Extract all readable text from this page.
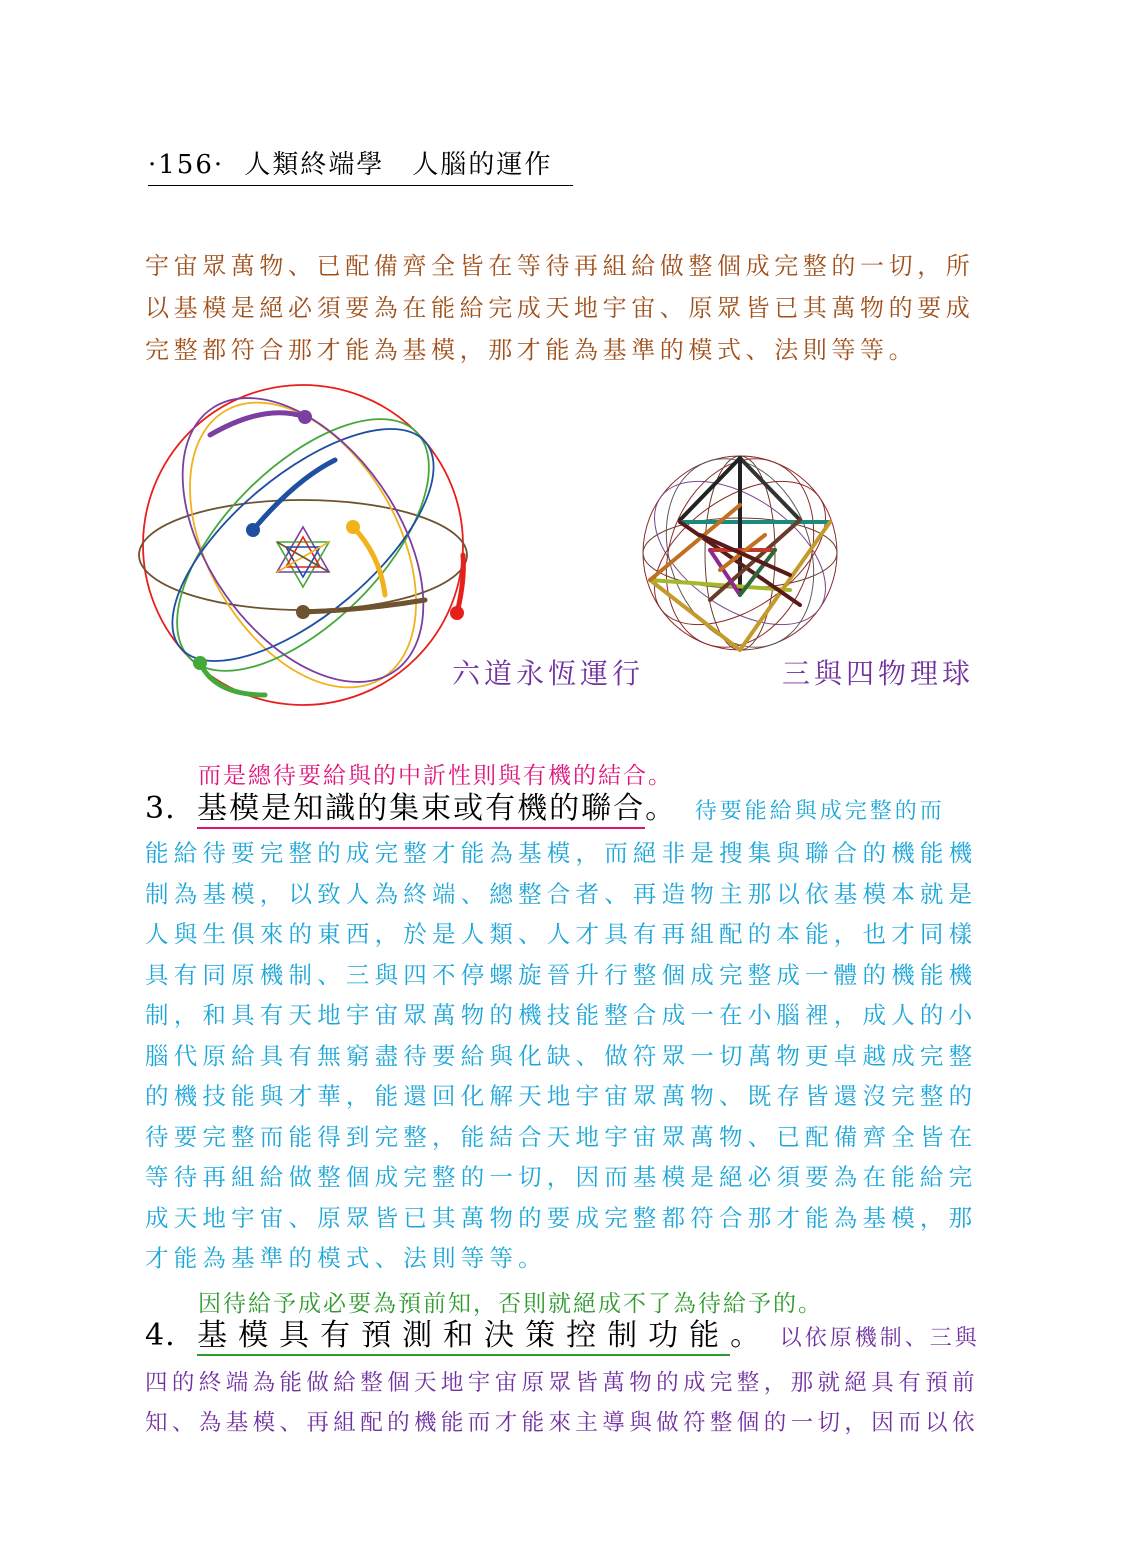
·156· 人類終端學　人腦的運作

宇宙眾萬物、已配備齊全皆在等待再組給做整個成完整的一切，所以基模是絕必須要為在能給完成天地宇宙、原眾皆已其萬物的要成完整都符合那才能為基模，那才能為基準的模式、法則等等。

六道永恆運行	三與四物理球
而是總待要給與的中訢性則與有機的結合。
3. 基模是知識的集束或有機的聯合。 待要能給與成完整的而

能給待要完整的成完整才能為基模，而絕非是搜集與聯合的機能機制為基模，以致人為終端、總整合者、再造物主那以依基模本就是人與生俱來的東西，於是人類、人才具有再組配的本能，也才同樣具有同原機制、三與四不停螺旋晉升行整個成完整成一體的機能機制，和具有天地宇宙眾萬物的機技能整合成一在小腦裡，成人的小腦代原給具有無窮盡待要給與化缺、做符眾一切萬物更卓越成完整的機技能與才華，能還回化解天地宇宙眾萬物、既存皆還沒完整的待要完整而能得到完整，能結合天地宇宙眾萬物、已配備齊全皆在等待再組給做整個成完整的一切，因而基模是絕必須要為在能給完成天地宇宙、原眾皆已其萬物的要成完整都符合那才能為基模，那才能為基準的模式、法則等等。

因待給予成必要為預前知，否則就絕成不了為待給予的。
4. 基模具有預測和決策控制功能。 以依原機制、三與

四的終端為能做給整個天地宇宙原眾皆萬物的成完整，那就絕具有預前知、為基模、再組配的機能而才能來主導與做符整個的一切，因而以依
